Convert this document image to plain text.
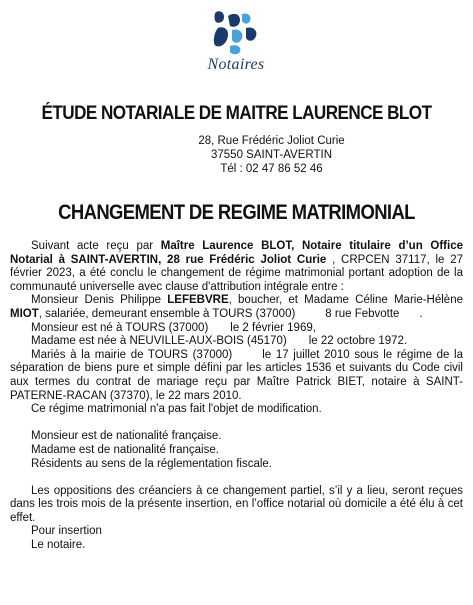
Notaires
ÉTUDE NOTARIALE DE MAITRE LAURENCE BLOT
28, Rue Frédéric Joliot Curie
37550 SAINT-AVERTIN
Tél : 02 47 86 52 46
CHANGEMENT DE REGIME MATRIMONIAL

Suivant acte reçu par Maître Laurence BLOT, Notaire titulaire d’un Office Notarial à SAINT-AVERTIN, 28 rue Frédéric Joliot Curie , CRPCEN 37117, le 27 février 2023, a été conclu le changement de régime matrimonial portant adoption de la communauté universelle avec clause d'attribution intégrale entre :

Monsieur Denis Philippe LEFEBVRE, boucher, et Madame Céline Marie-Hélène MIOT, salariée, demeurant ensemble à TOURS (37000)	8 rue Febvotte .

Monsieur est né à TOURS (37000) le 2 février 1969,

Madame est née à NEUVILLE-AUX-BOIS (45170) le 22 octobre 1972.

Mariés à la mairie de TOURS (37000)	le 17 juillet 2010 sous le régime de la séparation de biens pure et simple défini par les articles 1536 et suivants du Code civil aux termes du contrat de mariage reçu par Maître Patrick BIET, notaire à SAINT-PATERNE-RACAN (37370), le 22 mars 2010.

Ce régime matrimonial n'a pas fait l'objet de modification.

Monsieur est de nationalité française.

Madame est de nationalité française.

Résidents au sens de la réglementation fiscale.

Les oppositions des créanciers à ce changement partiel, s’il y a lieu, seront reçues dans les trois mois de la présente insertion, en l’office notarial où domicile a été élu à cet effet.

Pour insertion

Le notaire.
